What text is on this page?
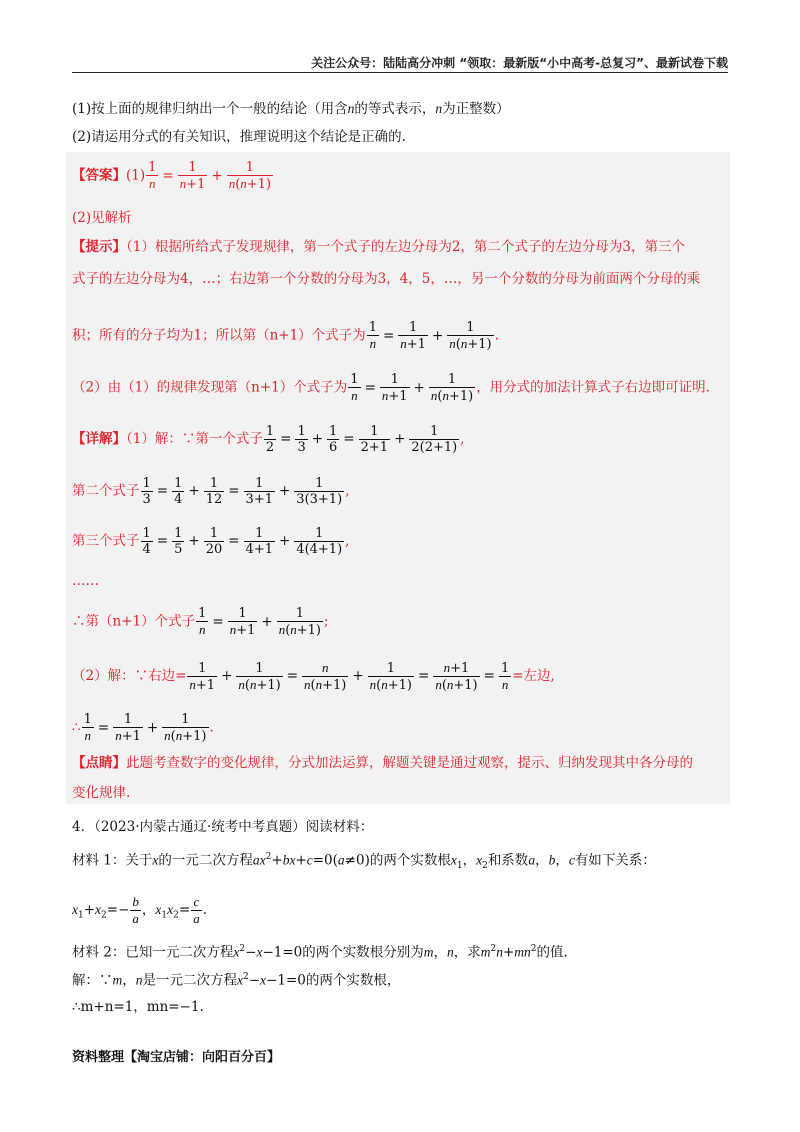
关注公众号：陆陆高分冲刺 “领取：最新版“小中高考-总复习”、最新试卷下载
(1)按上面的规律归纳出一个一般的结论（用含n的等式表示，n为正整数）
(2)请运用分式的有关知识，推理说明这个结论是正确的.
【答案】$(1) \frac{1}{n} = \frac{1}{n+1} + \frac{1}{n(n+1)}$
(2)见解析
【提示】（1）根据所给式子发现规律，第一个式子的左边分母为2，第二个式子的左边分母为3，第三个
式子的左边分母为4，…；右边第一个分数的分母为3，4，5，…，另一个分数的分母为前面两个分母的乘
积；所有的分子均为1；所以第（n+1）个式子为 $\frac{1}{n} = \frac{1}{n+1} + \frac{1}{n(n+1)}$ .
（2）由（1）的规律发现第（n+1）个式子为 $\frac{1}{n} = \frac{1}{n+1} + \frac{1}{n(n+1)}$ ，用分式的加法计算式子右边即可证明.
【详解】（1）解：∵第一个式子 $\frac{1}{2} = \frac{1}{3} + \frac{1}{6} = \frac{1}{2+1} + \frac{1}{2(2+1)}$ ,
第二个式子 $\frac{1}{3} = \frac{1}{4} + \frac{1}{12} = \frac{1}{3+1} + \frac{1}{3(3+1)}$ ,
第三个式子 $\frac{1}{4} = \frac{1}{5} + \frac{1}{20} = \frac{1}{4+1} + \frac{1}{4(4+1)}$ ,
……
∴第（n+1）个式子 $\frac{1}{n} = \frac{1}{n+1} + \frac{1}{n(n+1)}$ ;
（2）解：∵右边= $\frac{1}{n+1} + \frac{1}{n(n+1)} = \frac{n}{n(n+1)} + \frac{1}{n(n+1)} = \frac{n+1}{n(n+1)} = \frac{1}{n}$ =左边,
∴ $\frac{1}{n} = \frac{1}{n+1} + \frac{1}{n(n+1)}$ .
【点睛】此题考查数字的变化规律，分式加法运算，解题关键是通过观察，提示、归纳发现其中各分母的
变化规律.
4．（2023·内蒙古通辽·统考中考真题）阅读材料：
材料 1：关于x的一元二次方程$ax^2+bx+c=0(a\ne 0)$的两个实数根$x_1$，$x_2$和系数a，b，c有如下关系：
$x_1+x_2=- \frac{b}{a}$ ，$x_1x_2= \frac{c}{a}$ .
材料 2：已知一元二次方程$x^2-x-1=0$的两个实数根分别为m，n，求$m^2n+mn^2$的值.
解：∵m，n是一元二次方程$x^2-x-1=0$的两个实数根，
∴m+n=1，mn=−1.
资料整理【淘宝店铺：向阳百分百】
